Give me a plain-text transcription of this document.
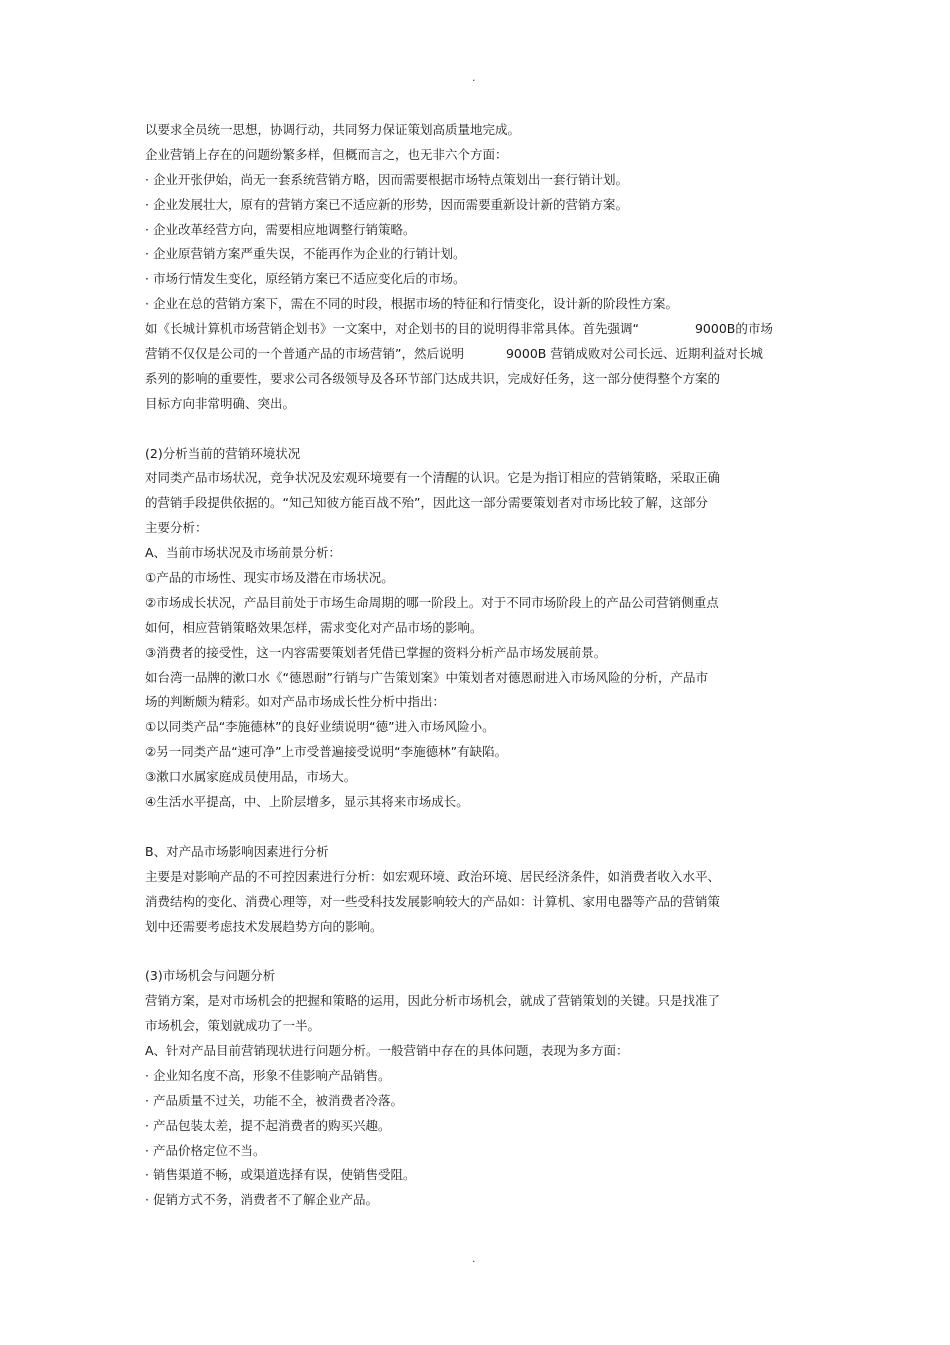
·
以要求全员统一思想，协调行动，共同努力保证策划高质量地完成。
企业营销上存在的问题纷繁多样，但概而言之，也无非六个方面：
· 企业开张伊始，尚无一套系统营销方略，因而需要根据市场特点策划出一套行销计划。
· 企业发展壮大，原有的营销方案已不适应新的形势，因而需要重新设计新的营销方案。
· 企业改革经营方向，需要相应地调整行销策略。
· 企业原营销方案严重失误，不能再作为企业的行销计划。
· 市场行情发生变化，原经销方案已不适应变化后的市场。
· 企业在总的营销方案下，需在不同的时段，根据市场的特征和行情变化，设计新的阶段性方案。
如《长城计算机市场营销企划书》一文案中，对企划书的目的说明得非常具体。首先强调“	9000B的市场
营销不仅仅是公司的一个普通产品的市场营销”，然后说明	9000B 营销成败对公司长远、近期利益对长城
系列的影响的重要性，要求公司各级领导及各环节部门达成共识，完成好任务，这一部分使得整个方案的
目标方向非常明确、突出。
(2)分析当前的营销环境状况
对同类产品市场状况，竞争状况及宏观环境要有一个清醒的认识。它是为指订相应的营销策略，采取正确
的营销手段提供依据的。“知己知彼方能百战不殆”，因此这一部分需要策划者对市场比较了解，这部分
主要分析：
A、当前市场状况及市场前景分析：
①产品的市场性、现实市场及潜在市场状况。
②市场成长状况，产品目前处于市场生命周期的哪一阶段上。对于不同市场阶段上的产品公司营销侧重点
如何，相应营销策略效果怎样，需求变化对产品市场的影响。
③消费者的接受性，这一内容需要策划者凭借已掌握的资料分析产品市场发展前景。
如台湾一品牌的漱口水《“德恩耐”行销与广告策划案》中策划者对德恩耐进入市场风险的分析，产品市
场的判断颇为精彩。如对产品市场成长性分析中指出：
①以同类产品“李施德林”的良好业绩说明“德”进入市场风险小。
②另一同类产品“速可净”上市受普遍接受说明“李施德林”有缺陷。
③漱口水属家庭成员使用品，市场大。
④生活水平提高，中、上阶层增多，显示其将来市场成长。
B、对产品市场影响因素进行分析
主要是对影响产品的不可控因素进行分析：如宏观环境、政治环境、居民经济条件，如消费者收入水平、
消费结构的变化、消费心理等，对一些受科技发展影响较大的产品如：计算机、家用电器等产品的营销策
划中还需要考虑技术发展趋势方向的影响。
(3)市场机会与问题分析
营销方案，是对市场机会的把握和策略的运用，因此分析市场机会，就成了营销策划的关键。只是找准了
市场机会，策划就成功了一半。
A、针对产品目前营销现状进行问题分析。一般营销中存在的具体问题，表现为多方面：
· 企业知名度不高，形象不佳影响产品销售。
· 产品质量不过关，功能不全，被消费者冷落。
· 产品包装太差，提不起消费者的购买兴趣。
· 产品价格定位不当。
· 销售渠道不畅，或渠道选择有误，使销售受阻。
· 促销方式不务，消费者不了解企业产品。
·
